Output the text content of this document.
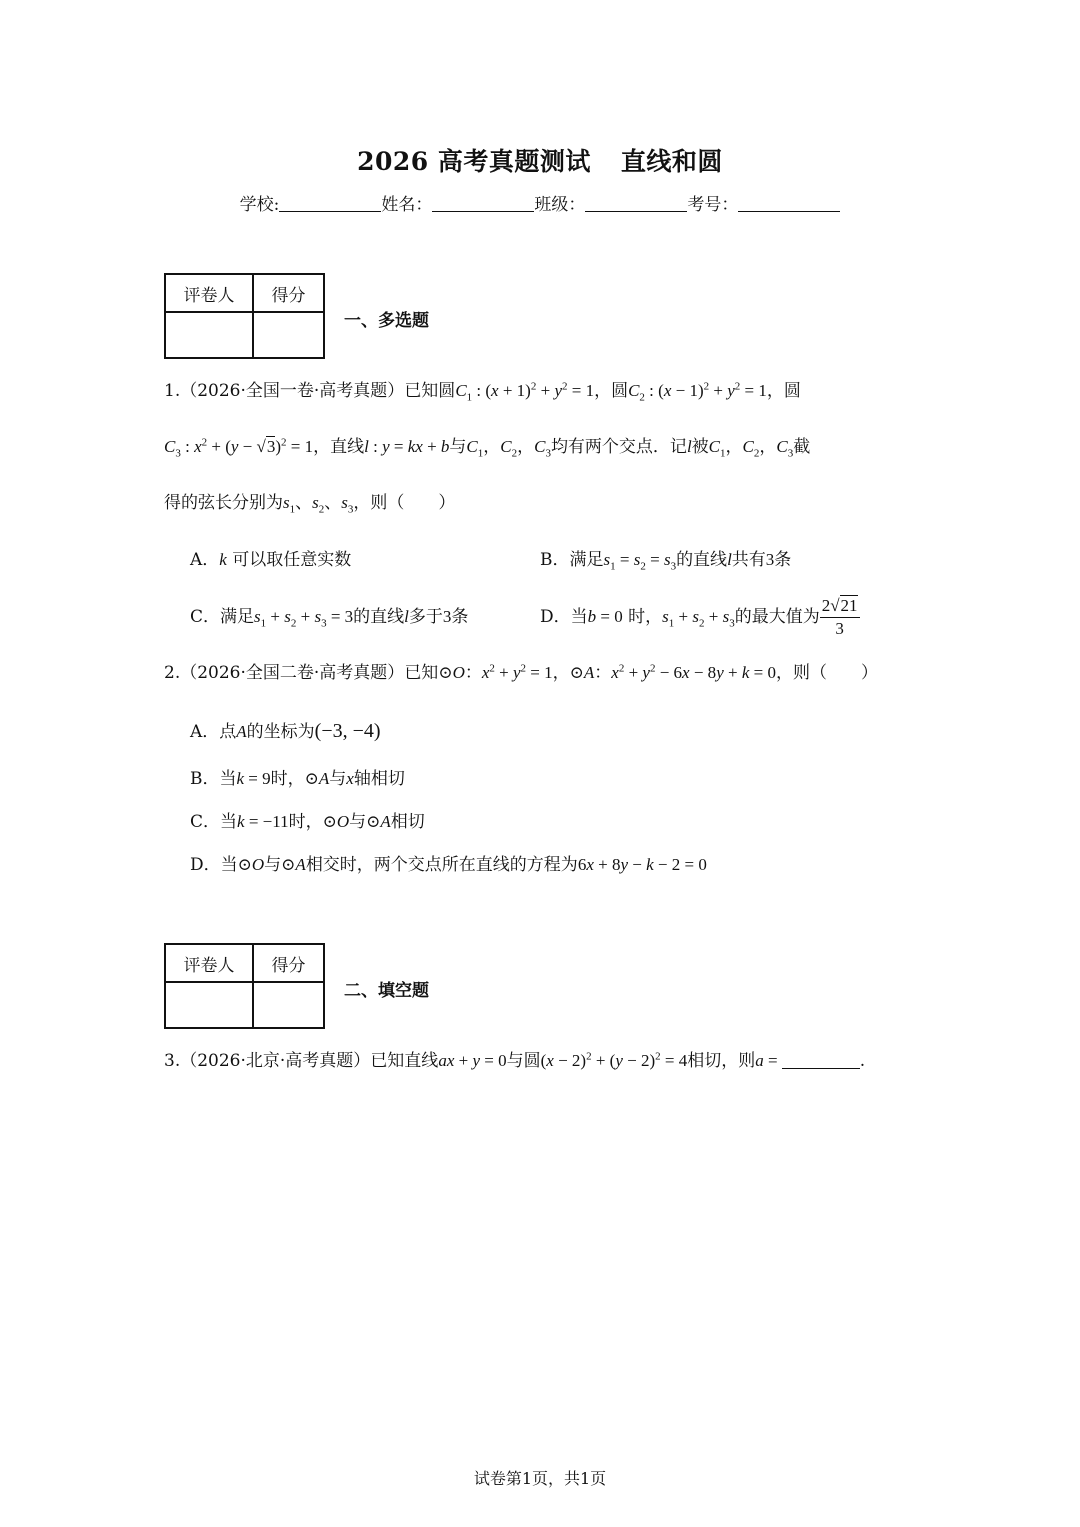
2026 高考真题测试 直线和圆
学校:	姓名：	班级：	考号：
评卷人	得分

一、多选题
1.（2026·全国一卷·高考真题）已知圆$C_1$ : $(x + 1)^2 + y^2 = 1$，圆$C_2$ : $(x - 1)^2 + y^2 = 1$，圆
$C_3$ : $x^2 + (y - √3)^2 = 1$，直线l : y = kx + b与$C_1$，$C_2$，$C_3$均有两个交点．记l被$C_1$，$C_2$，$C_3$截
得的弦长分别为$s_1$、$s_2$、$s_3$，则（　　）
A．k 可以取任意实数	B．满足$s_1 = s_2 = s_3$的直线l共有3条
C．满足$s_1 + s_2 + s_3 = 3$的直线l多于3条	D．当b = 0 时，$s_1 + s_2 + s_3$的最大值为 $\frac{2√21}{3}$
2.（2026·全国二卷·高考真题）已知⊙O：$x^2 + y^2 = 1$，⊙A：$x^2 + y^2 - 6x - 8y + k = 0$，则（　　）
A．点A的坐标为(−3, −4)
B．当k = 9时，⊙A与x轴相切
C．当k = −11时，⊙O与⊙A相切
D．当⊙O与⊙A相交时，两个交点所在直线的方程为6x + 8y − k − 2 = 0
评卷人	得分

二、填空题
3.（2026·北京·高考真题）已知直线ax + y = 0与圆$(x - 2)^2 + (y - 2)^2 = 4$相切，则a =	.
试卷第1页，共1页
